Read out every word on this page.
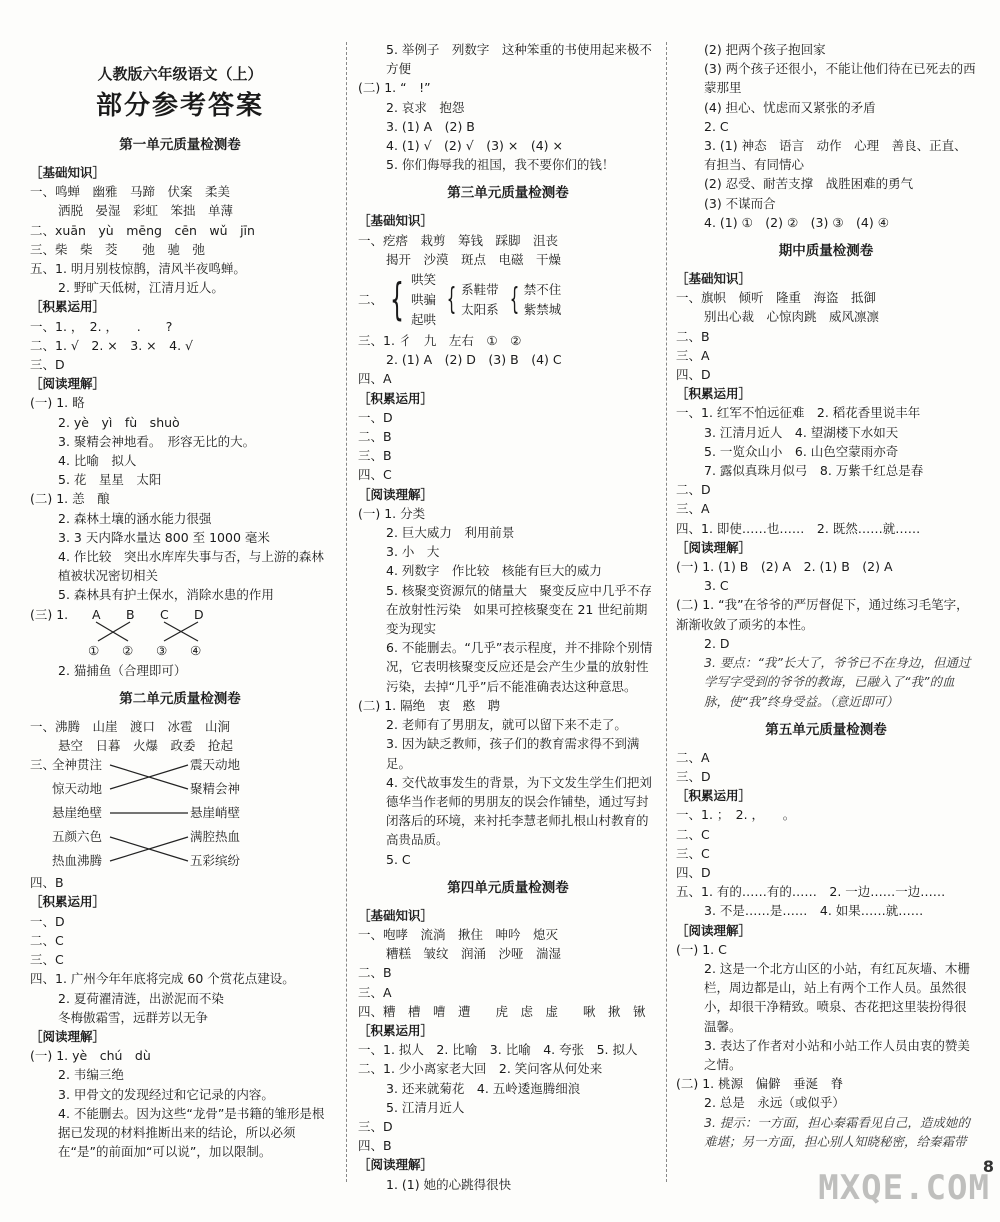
人教版六年级语文（上）
部分参考答案
第一单元质量检测卷
［基础知识］
一、鸣蝉　幽雅　马蹄　伏案　柔美
洒脱　晏湿　彩虹　笨拙　单薄
二、xuān　yù　mēng　cēn　wǔ　jīn
三、柴　柴　茭　　弛　驰　弛
五、1. 明月别枝惊鹊，清风半夜鸣蝉。
2. 野旷天低树，江清月近人。
［积累运用］
一、1. ，　2. ，　　.　　?
二、1. √　2. ×　3. ×　4. √
三、D
［阅读理解］
(一) 1. 略
2. yè　yì　fù　shuò
3. 聚精会神地看。　形容无比的大。
4. 比喻　拟人
5. 花　星星　太阳
(二) 1. 恙　酿
2. 森林土壤的涵水能力很强
3. 3 天内降水量达 800 至 1000 毫米
4. 作比较　突出水库库失事与否，与上游的森林植被状况密切相关
5. 森林具有护土保水，消除水患的作用
(三) 1. A B C D
① ② ③ ④
2. 猫捕鱼（合理即可）
第二单元质量检测卷
一、沸腾　山崖　渡口　冰雹　山涧
悬空　日暮　火爆　政委　抢起
三、
全神贯注
惊天动地
悬崖绝壁
五颜六色
热血沸腾
震天动地
聚精会神
悬崖峭壁
满腔热血
五彩缤纷
四、B
［积累运用］
一、D
二、C
三、C
四、1. 广州今年年底将完成 60 个赏花点建设。
2. 夏荷濯清涟，出淤泥而不染
冬梅傲霜雪，远群芳以无争
［阅读理解］
(一) 1. yè　chú　dù
2. 韦编三绝
3. 甲骨文的发现经过和它记录的内容。
4. 不能删去。因为这些“龙骨”是书籍的雏形是根据已发现的材料推断出来的结论，所以必须在“是”的前面加“可以说”，加以限制。
5. 举例子　列数字　这种笨重的书使用起来极不方便
(二) 1. “　!”
2. 哀求　抱怨
3. (1) A　(2) B
4. (1) √　(2) √　(3) ×　(4) ×
5. 你们侮辱我的祖国，我不要你们的钱！
第三单元质量检测卷
［基础知识］
一、疙瘩　栽剪　筹钱　踩脚　沮丧
揭开　沙漠　斑点　电磁　干燥
二、 { 哄笑
哄骗
起哄
{ 系鞋带
太阳系 { 禁不住
紫禁城
三、1. 彳　九　左右　①　②
2. (1) A　(2) D　(3) B　(4) C
四、A
［积累运用］
一、D
二、B
三、B
四、C
［阅读理解］
(一) 1. 分类
2. 巨大威力　利用前景
3. 小　大
4. 列数字　作比较　核能有巨大的威力
5. 核聚变资源氘的储量大　聚变反应中几乎不存在放射性污染　如果可控核聚变在 21 世纪前期变为现实
6. 不能删去。“几乎”表示程度，并不排除个别情况，它表明核聚变反应还是会产生少量的放射性污染，去掉“几乎”后不能准确表达这种意思。
(二) 1. 隔绝　衷　憨　聘
2. 老师有了男朋友，就可以留下来不走了。
3. 因为缺乏教师，孩子们的教育需求得不到满足。
4. 交代故事发生的背景，为下文发生学生们把刘德华当作老师的男朋友的误会作铺垫，通过写封闭落后的环境，来衬托李慧老师扎根山村教育的高贵品质。
5. C
第四单元质量检测卷
［基础知识］
一、咆哮　流淌　揪住　呻吟　熄灭
糟糕　皱纹　润涌　沙哑　湍湿
二、B
三、A
四、糟　槽　嘈　遭　　虎　虑　虚　　啾　揪　锹
［积累运用］
一、1. 拟人　2. 比喻　3. 比喻　4. 夸张　5. 拟人
二、1. 少小离家老大回　2. 笑问客从何处来
3. 还来就菊花　4. 五岭逶迤腾细浪
5. 江清月近人
三、D
四、B
［阅读理解］
1. (1) 她的心跳得很快
(2) 把两个孩子抱回家
(3) 两个孩子还很小，不能让他们待在已死去的西蒙那里
(4) 担心、忧虑而又紧张的矛盾
2. C
3. (1) 神态　语言　动作　心理　善良、正直、有担当、有同情心
(2) 忍受、耐苦支撑　战胜困难的勇气
(3) 不谋而合
4. (1) ①　(2) ②　(3) ③　(4) ④
期中质量检测卷
［基础知识］
一、旗帜　倾听　隆重　海盗　抵御
别出心裁　心惊肉跳　威风凛凛
二、B
三、A
四、D
［积累运用］
一、1. 红军不怕远征难　2. 稻花香里说丰年
3. 江清月近人　4. 望湖楼下水如天
5. 一览众山小　6. 山色空蒙雨亦奇
7. 露似真珠月似弓　8. 万紫千红总是春
二、D
三、A
四、1. 即使……也……　2. 既然……就……
［阅读理解］
(一) 1. (1) B　(2) A　2. (1) B　(2) A
3. C
(二) 1. “我”在爷爷的严厉督促下，通过练习毛笔字，渐渐收敛了顽劣的本性。
2. D
3. 要点：“我”长大了，爷爷已不在身边，但通过学写字受到的爷爷的教诲，已融入了“我”的血脉，使“我”终身受益。（意近即可）
第五单元质量检测卷
二、A
三、D
［积累运用］
一、1. ；　2. ，　　。
二、C
三、C
四、D
五、1. 有的……有的……　2. 一边……一边……
3. 不是……是……　4. 如果……就……
［阅读理解］
(一) 1. C
2. 这是一个北方山区的小站，有红瓦灰墙、木栅栏，周边都是山，站上有两个工作人员。虽然很小，却很干净精致。喷泉、杏花把这里装扮得很温馨。
3. 表达了作者对小站和小站工作人员由衷的赞美之情。
(二) 1. 桃源　偏僻　垂涎　脊
2. 总是　永远（或似乎）
3. 提示：一方面，担心秦霜看见自己，造成她的难堪；另一方面，担心别人知晓秘密，给秦霜带
8
MXQE.COM
